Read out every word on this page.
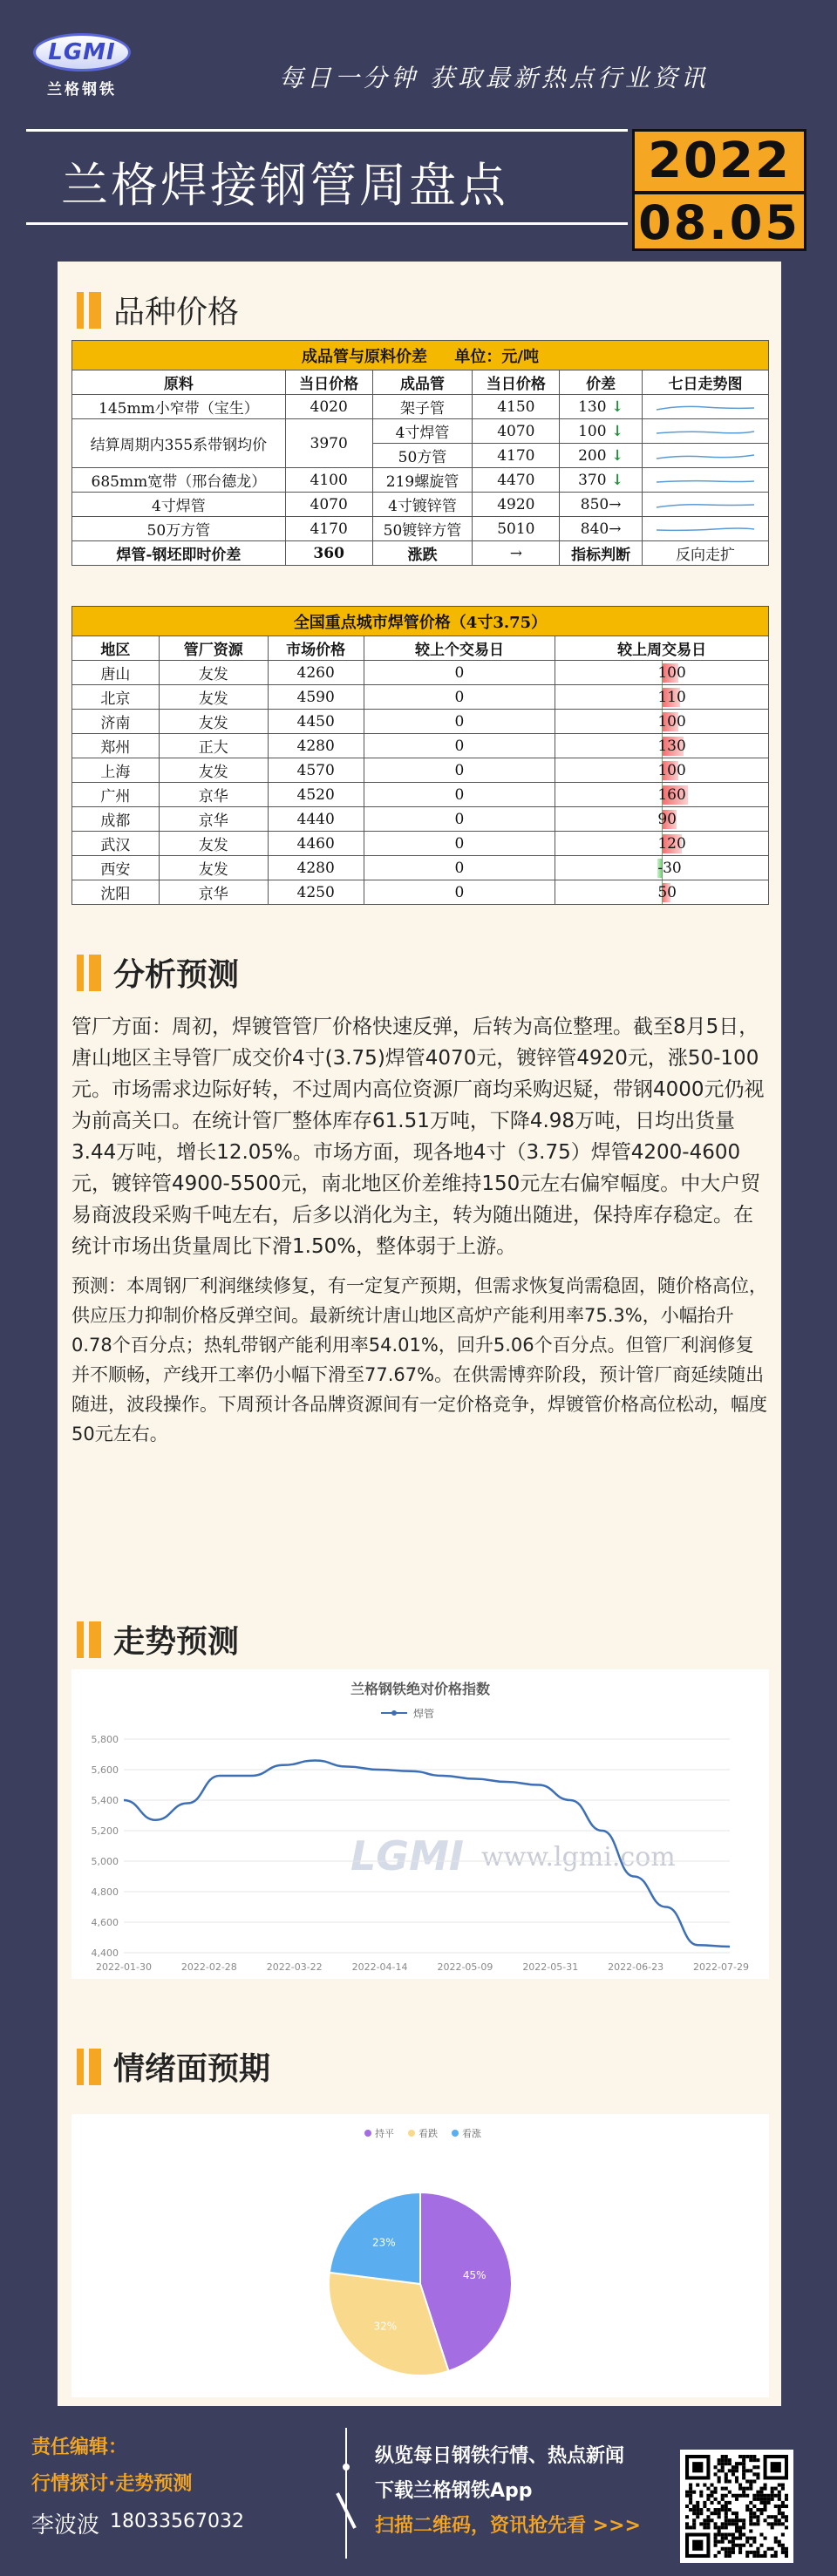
LGMI
兰格钢铁	每日一分钟 获取最新热点行业资讯
兰格焊接钢管周盘点	2022
08.05
品种价格
成品管与原料价差 单位：元/吨					
原料	当日价格	成品管	当日价格	价差	七日走势图
145mm小窄带（宝生）	4020	架子管	4150	130 ↓	

结算周期内355系带钢均价	3970	4寸焊管	4070	100 ↓	

		50方管	4170	200 ↓	

685mm宽带（邢台德龙）	4100	219螺旋管	4470	370 ↓	

4寸焊管	4070	4寸镀锌管	4920	850→	

50万方管	4170	50镀锌方管	5010	840→	

焊管-钢坯即时价差	360	涨跌	→	指标判断	反向走扩
全国重点城市焊管价格（4寸3.75）				
地区	管厂资源	市场价格	较上个交易日	较上周交易日
唐山	友发	4260	0	100
北京	友发	4590	0	110
济南	友发	4450	0	100
郑州	正大	4280	0	130
上海	友发	4570	0	100
广州	京华	4520	0	160
成都	京华	4440	0	90
武汉	友发	4460	0	120
西安	友发	4280	0	-30
沈阳	京华	4250	0	50
分析预测

管厂方面：周初，焊镀管管厂价格快速反弹，后转为高位整理。截至8月5日，唐山地区主导管厂成交价4寸(3.75)焊管4070元，镀锌管4920元，涨50-100元。市场需求边际好转，不过周内高位资源厂商均采购迟疑，带钢4000元仍视为前高关口。在统计管厂整体库存61.51万吨，下降4.98万吨，日均出货量3.44万吨，增长12.05%。市场方面，现各地4寸（3.75）焊管4200-4600元，镀锌管4900-5500元，南北地区价差维持150元左右偏窄幅度。中大户贸易商波段采购千吨左右，后多以消化为主，转为随出随进，保持库存稳定。在统计市场出货量周比下滑1.50%，整体弱于上游。

预测：本周钢厂利润继续修复，有一定复产预期，但需求恢复尚需稳固，随价格高位，供应压力抑制价格反弹空间。最新统计唐山地区高炉产能利用率75.3%，小幅抬升0.78个百分点；热轧带钢产能利用率54.01%，回升5.06个百分点。但管厂利润修复并不顺畅，产线开工率仍小幅下滑至77.67%。在供需博弈阶段，预计管厂商延续随出随进，波段操作。下周预计各品牌资源间有一定价格竞争，焊镀管价格高位松动，幅度50元左右。

走势预测
兰格钢铁绝对价格指数
焊管
LGMI www.lgmi.com
5,800
5,600
5,400
5,200
5,000
4,800
4,600
4,400
2022-01-30	2022-02-28	2022-03-22	2022-04-14	2022-05-09	2022-05-31	2022-06-23	2022-07-29
情绪面预期
持平	看跌	看涨
45%
32%
23%
责任编辑：
行情探讨·走势预测
李波波 18033567032
纵览每日钢铁行情、热点新闻
下载兰格钢铁App
扫描二维码，资讯抢先看 >>>
